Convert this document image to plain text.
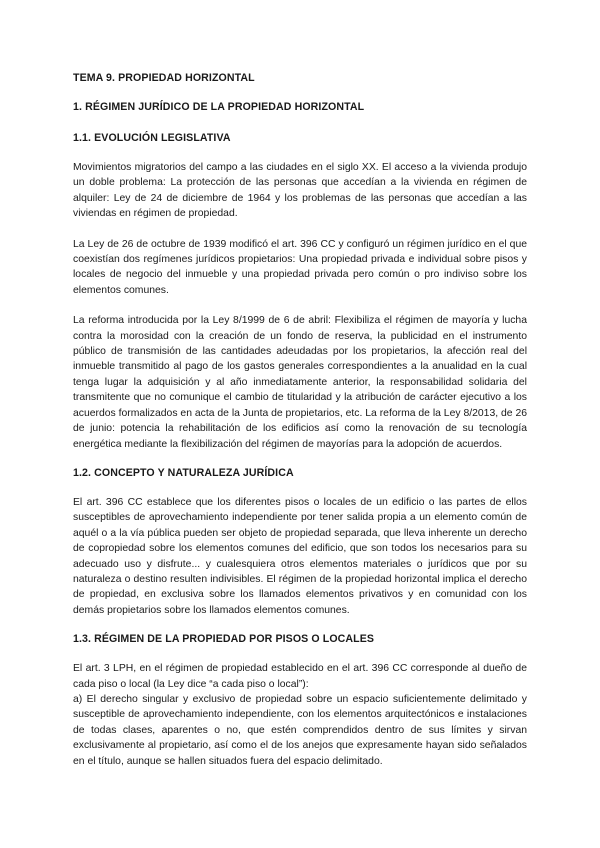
TEMA 9. PROPIEDAD HORIZONTAL

1. RÉGIMEN JURÍDICO DE LA PROPIEDAD HORIZONTAL

1.1. EVOLUCIÓN LEGISLATIVA

Movimientos migratorios del campo a las ciudades en el siglo XX. El acceso a la vivienda produjo un doble problema: La protección de las personas que accedían a la vivienda en régimen de alquiler: Ley de 24 de diciembre de 1964 y los problemas de las personas que accedían a las viviendas en régimen de propiedad.

La Ley de 26 de octubre de 1939 modificó el art. 396 CC y configuró un régimen jurídico en el que coexistían dos regímenes jurídicos propietarios: Una propiedad privada e individual sobre pisos y locales de negocio del inmueble y una propiedad privada pero común o pro indiviso sobre los elementos comunes.

La reforma introducida por la Ley 8/1999 de 6 de abril: Flexibiliza el régimen de mayoría y lucha contra la morosidad con la creación de un fondo de reserva, la publicidad en el instrumento público de transmisión de las cantidades adeudadas por los propietarios, la afección real del inmueble transmitido al pago de los gastos generales correspondientes a la anualidad en la cual tenga lugar la adquisición y al año inmediatamente anterior, la responsabilidad solidaria del transmitente que no comunique el cambio de titularidad y la atribución de carácter ejecutivo a los acuerdos formalizados en acta de la Junta de propietarios, etc. La reforma de la Ley 8/2013, de 26 de junio: potencia la rehabilitación de los edificios así como la renovación de su tecnología energética mediante la flexibilización del régimen de mayorías para la adopción de acuerdos.

1.2. CONCEPTO Y NATURALEZA JURÍDICA

El art. 396 CC establece que los diferentes pisos o locales de un edificio o las partes de ellos susceptibles de aprovechamiento independiente por tener salida propia a un elemento común de aquél o a la vía pública pueden ser objeto de propiedad separada, que lleva inherente un derecho de copropiedad sobre los elementos comunes del edificio, que son todos los necesarios para su adecuado uso y disfrute... y cualesquiera otros elementos materiales o jurídicos que por su naturaleza o destino resulten indivisibles. El régimen de la propiedad horizontal implica el derecho de propiedad, en exclusiva sobre los llamados elementos privativos y en comunidad con los demás propietarios sobre los llamados elementos comunes.

1.3. RÉGIMEN DE LA PROPIEDAD POR PISOS O LOCALES

El art. 3 LPH, en el régimen de propiedad establecido en el art. 396 CC corresponde al dueño de cada piso o local (la Ley dice “a cada piso o local”):

a) El derecho singular y exclusivo de propiedad sobre un espacio suficientemente delimitado y susceptible de aprovechamiento independiente, con los elementos arquitectónicos e instalaciones de todas clases, aparentes o no, que estén comprendidos dentro de sus límites y sirvan exclusivamente al propietario, así como el de los anejos que expresamente hayan sido señalados en el título, aunque se hallen situados fuera del espacio delimitado.
